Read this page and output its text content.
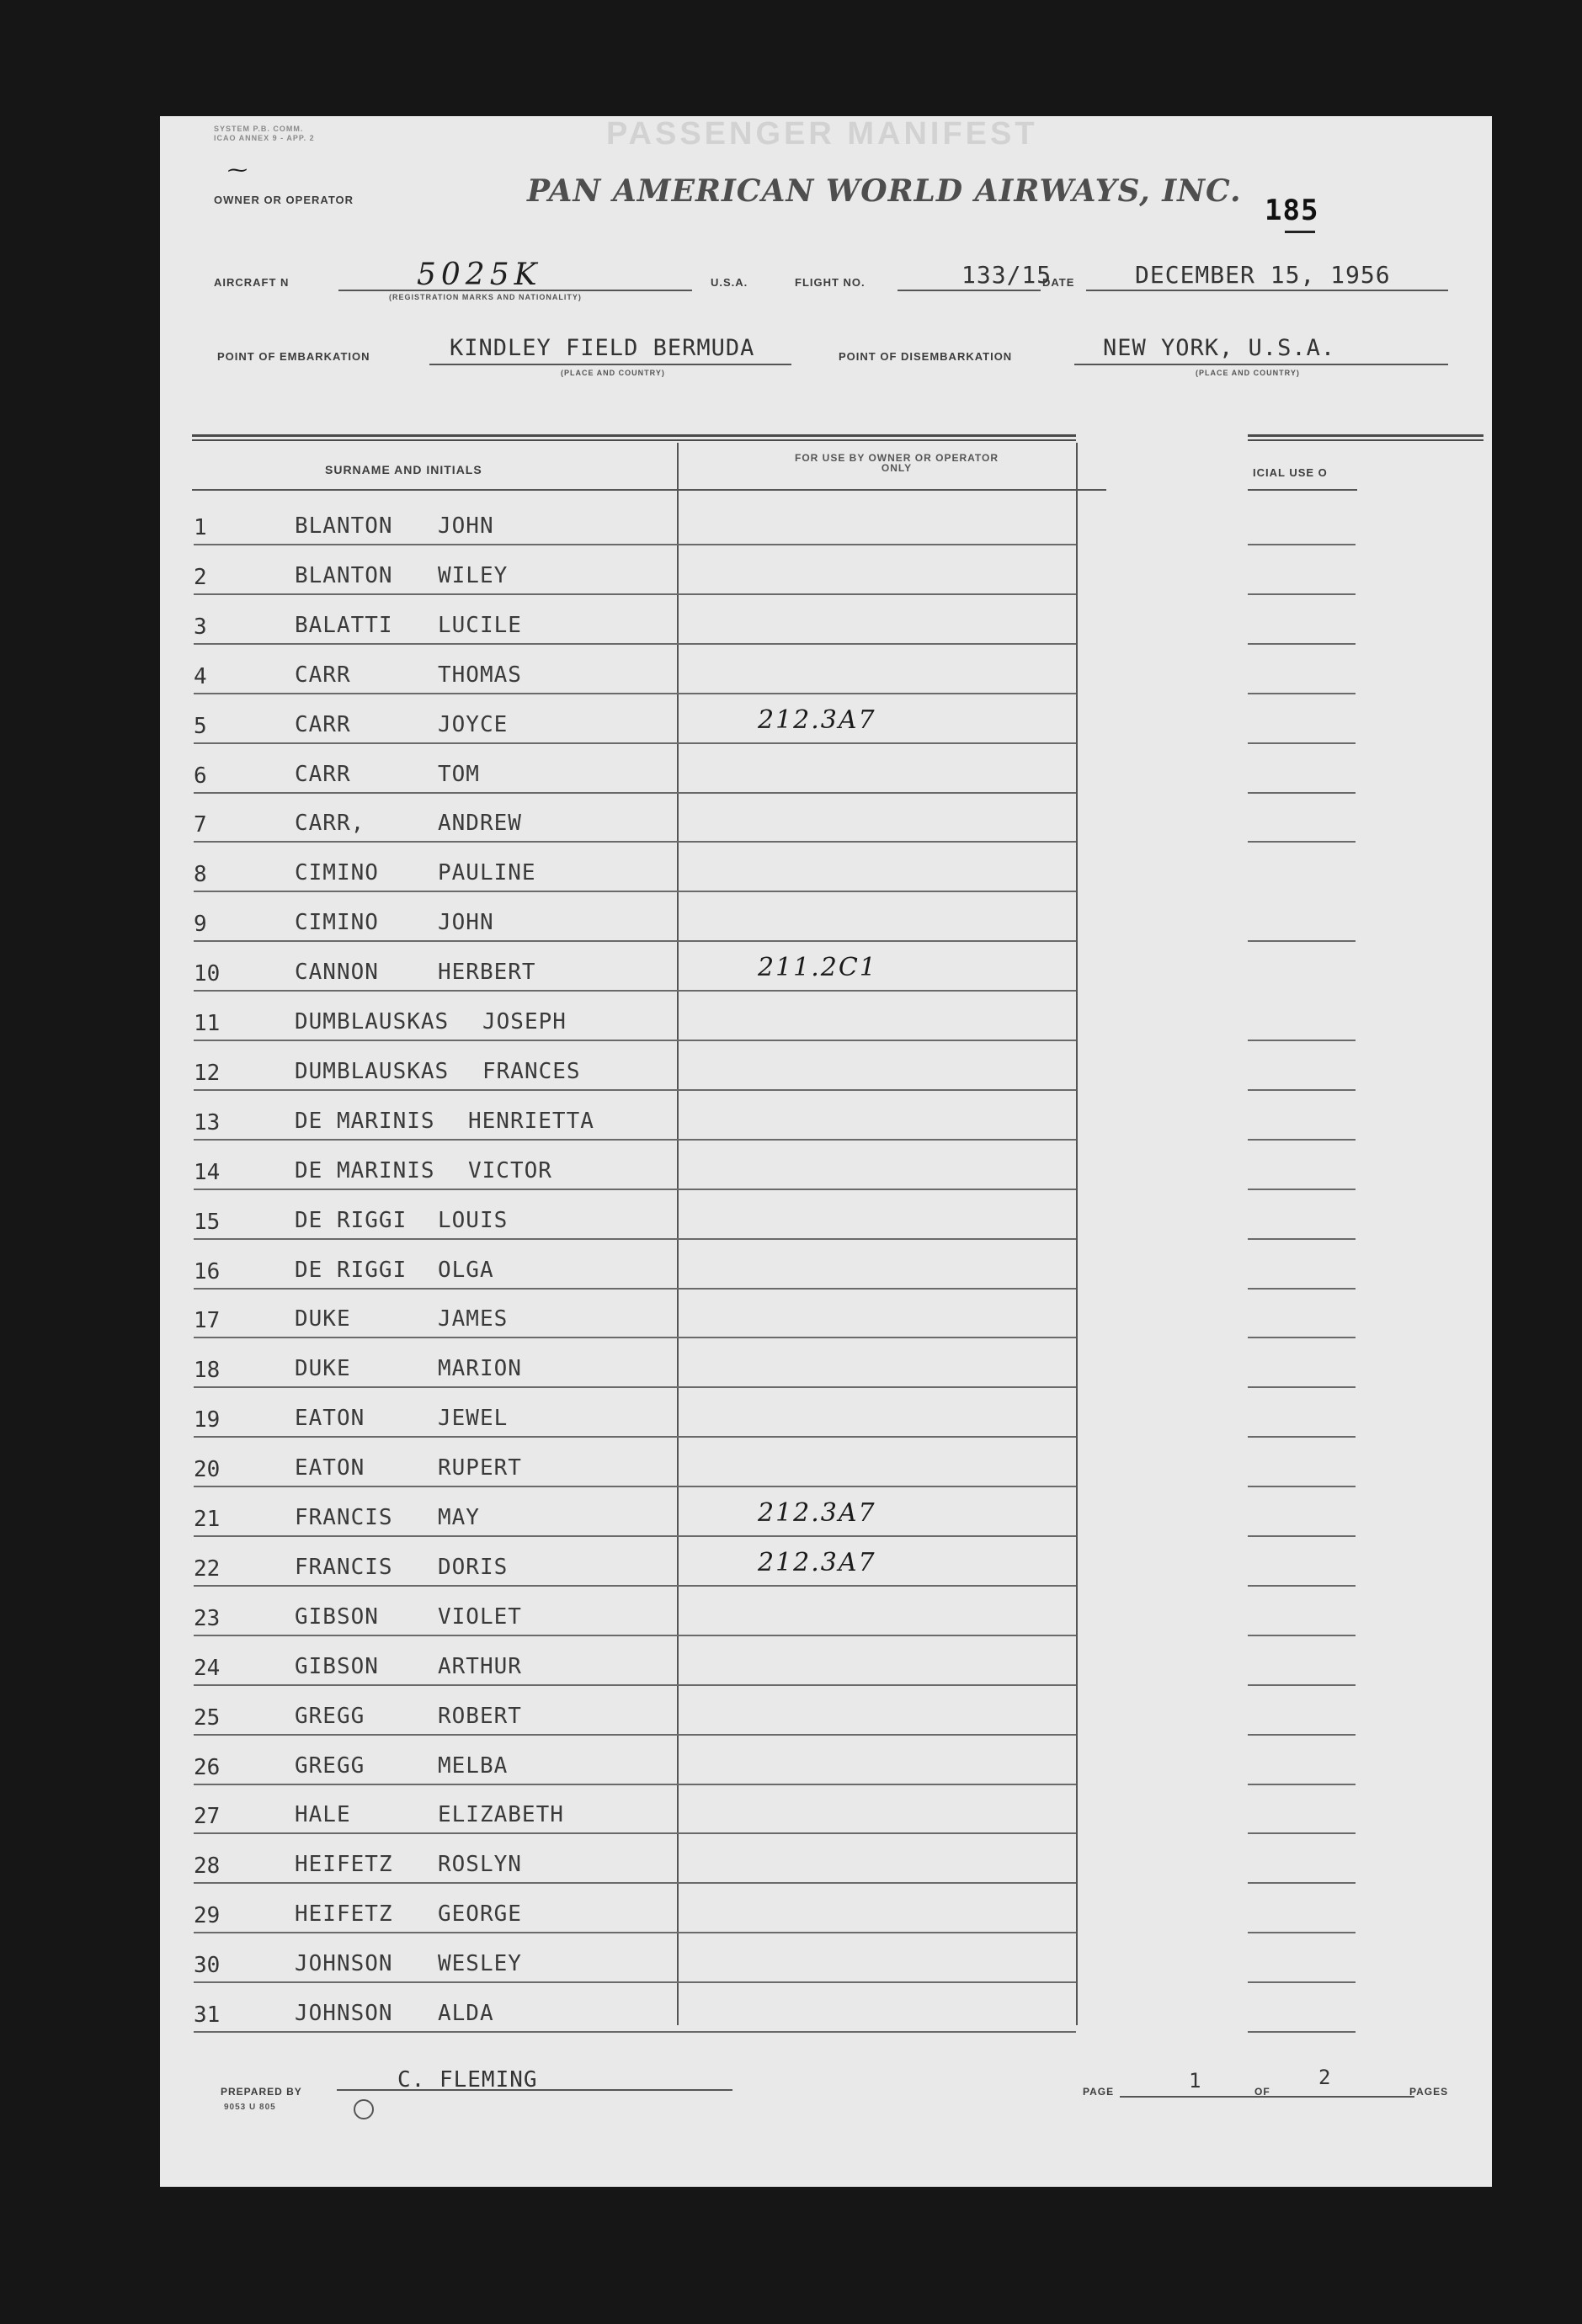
SYSTEM P.B. COMM.
ICAO ANNEX 9 - APP. 2	PASSENGER MANIFEST
⁓
OWNER OR OPERATOR	PAN AMERICAN WORLD AIRWAYS, INC.
185
AIRCRAFT N	5025K
(REGISTRATION MARKS AND NATIONALITY)
U.S.A.	FLIGHT NO.	133/15
DATE	DECEMBER 15, 1956
POINT OF EMBARKATION	KINDLEY FIELD BERMUDA
(PLACE AND COUNTRY)
POINT OF DISEMBARKATION	NEW YORK, U.S.A.
(PLACE AND COUNTRY)
SURNAME AND INITIALS
FOR USE BY OWNER OR OPERATOR ONLY	ICIAL USE O
1	BLANTON JOHN
2	BLANTON WILEY
3	BALATTI LUCILE
4	CARR	THOMAS
5	CARR	JOYCE	212.3A7
6	CARR	TOM
7	CARR,	ANDREW
8	CIMINO	PAULINE
9	CIMINO	JOHN
10	CANNON	HERBERT	211.2C1
11	DUMBLAUSKAS JOSEPH
12	DUMBLAUSKAS FRANCES
13	DE MARINIS HENRIETTA
14	DE MARINIS VICTOR
15	DE RIGGI LOUIS
16	DE RIGGI OLGA
17	DUKE	JAMES
18	DUKE	MARION
19	EATON	JEWEL
20	EATON	RUPERT
21	FRANCIS MAY	212.3A7
22	FRANCIS DORIS	212.3A7
23	GIBSON	VIOLET
24	GIBSON	ARTHUR
25	GREGG	ROBERT
26	GREGG	MELBA
27	HALE	ELIZABETH
28	HEIFETZ ROSLYN
29	HEIFETZ GEORGE
30	JOHNSON WESLEY
31	JOHNSON ALDA
PREPARED BY	C. FLEMING
9053 U 805
PAGE	1	OF
2
PAGES
